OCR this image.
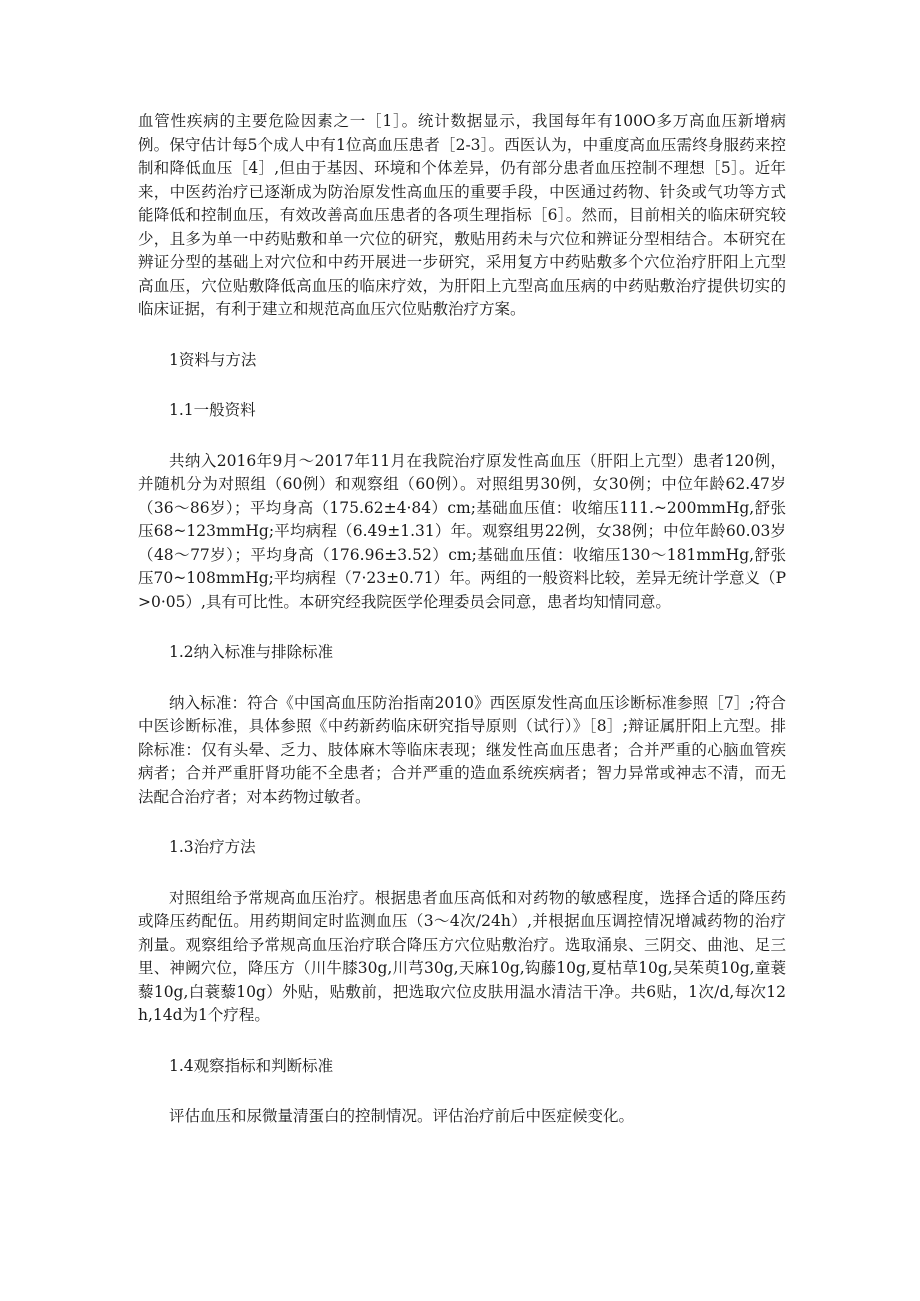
血管性疾病的主要危险因素之一［1］。统计数据显示，我国每年有100O多万高血压新增病例。保守估计每5个成人中有1位高血压患者［2-3］。西医认为，中重度高血压需终身服药来控制和降低血压［4］,但由于基因、环境和个体差异，仍有部分患者血压控制不理想［5］。近年来，中医药治疗已逐渐成为防治原发性高血压的重要手段，中医通过药物、针灸或气功等方式能降低和控制血压，有效改善高血压患者的各项生理指标［6］。然而，目前相关的临床研究较少，且多为单一中药贴敷和单一穴位的研究，敷贴用药未与穴位和辨证分型相结合。本研究在辨证分型的基础上对穴位和中药开展进一步研究，采用复方中药贴敷多个穴位治疗肝阳上亢型高血压，穴位贴敷降低高血压的临床疗效，为肝阳上亢型高血压病的中药贴敷治疗提供切实的临床证据，有利于建立和规范高血压穴位贴敷治疗方案。

1资料与方法

1.1一般资料

共纳入2016年9月～2017年11月在我院治疗原发性高血压（肝阳上亢型）患者120例，并随机分为对照组（60例）和观察组（60例）。对照组男30例，女30例；中位年龄62.47岁（36～86岁）；平均身高（175.62±4·84）cm;基础血压值：收缩压111.~200mmHg,舒张压68~123mmHg;平均病程（6.49±1.31）年。观察组男22例，女38例；中位年龄60.03岁（48～77岁）；平均身高（176.96±3.52）cm;基础血压值：收缩压130～181mmHg,舒张压70~108mmHg;平均病程（7·23±0.71）年。两组的一般资料比较，差异无统计学意义（P>0·05）,具有可比性。本研究经我院医学伦理委员会同意，患者均知情同意。

1.2纳入标准与排除标准

纳入标准：符合《中国高血压防治指南2010》西医原发性高血压诊断标准参照［7］;符合中医诊断标准，具体参照《中药新药临床研究指导原则（试行）》［8］;辩证属肝阳上亢型。排除标准：仅有头晕、乏力、肢体麻木等临床表现；继发性高血压患者；合并严重的心脑血管疾病者；合并严重肝肾功能不全患者；合并严重的造血系统疾病者；智力异常或神志不清，而无法配合治疗者；对本药物过敏者。

1.3治疗方法

对照组给予常规高血压治疗。根据患者血压高低和对药物的敏感程度，选择合适的降压药或降压药配伍。用药期间定时监测血压（3～4次/24h）,并根据血压调控情况增减药物的治疗剂量。观察组给予常规高血压治疗联合降压方穴位贴敷治疗。选取涌泉、三阴交、曲池、足三里、神阙穴位，降压方（川牛膝30g,川芎30g,天麻10g,钩藤10g,夏枯草10g,吴茱萸10g,童蓑藜10g,白蓑藜10g）外贴，贴敷前，把选取穴位皮肤用温水清洁干净。共6贴，1次/d,每次12h,14d为1个疗程。

1.4观察指标和判断标准

评估血压和尿微量清蛋白的控制情况。评估治疗前后中医症候变化。
